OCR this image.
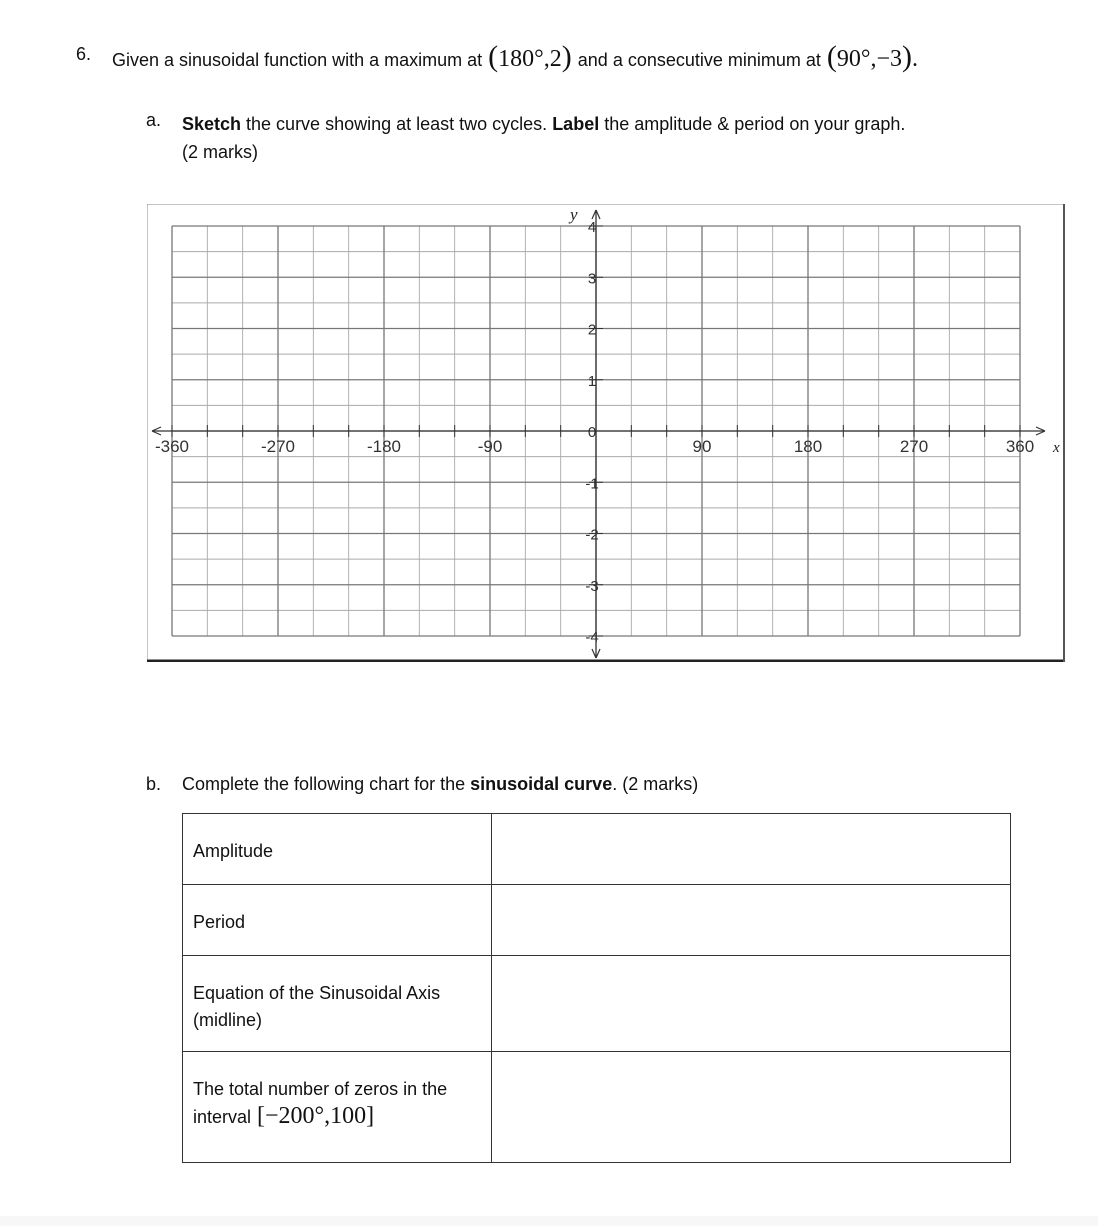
6. Given a sinusoidal function with a maximum at (180°,2) and a consecutive minimum at (90°,−3).
a. Sketch the curve showing at least two cycles. Label the amplitude & period on your graph.
(2 marks)
-360	-270	-180	-90	90	180	270	360
4
3
2
1
0
-1
-2
-3
-4
x
y
b. Complete the following chart for the sinusoidal curve. (2 marks)
Amplitude	
Period	
Equation of the Sinusoidal Axis (midline)	

The total number of zeros in the
interval [−200°,100]	
